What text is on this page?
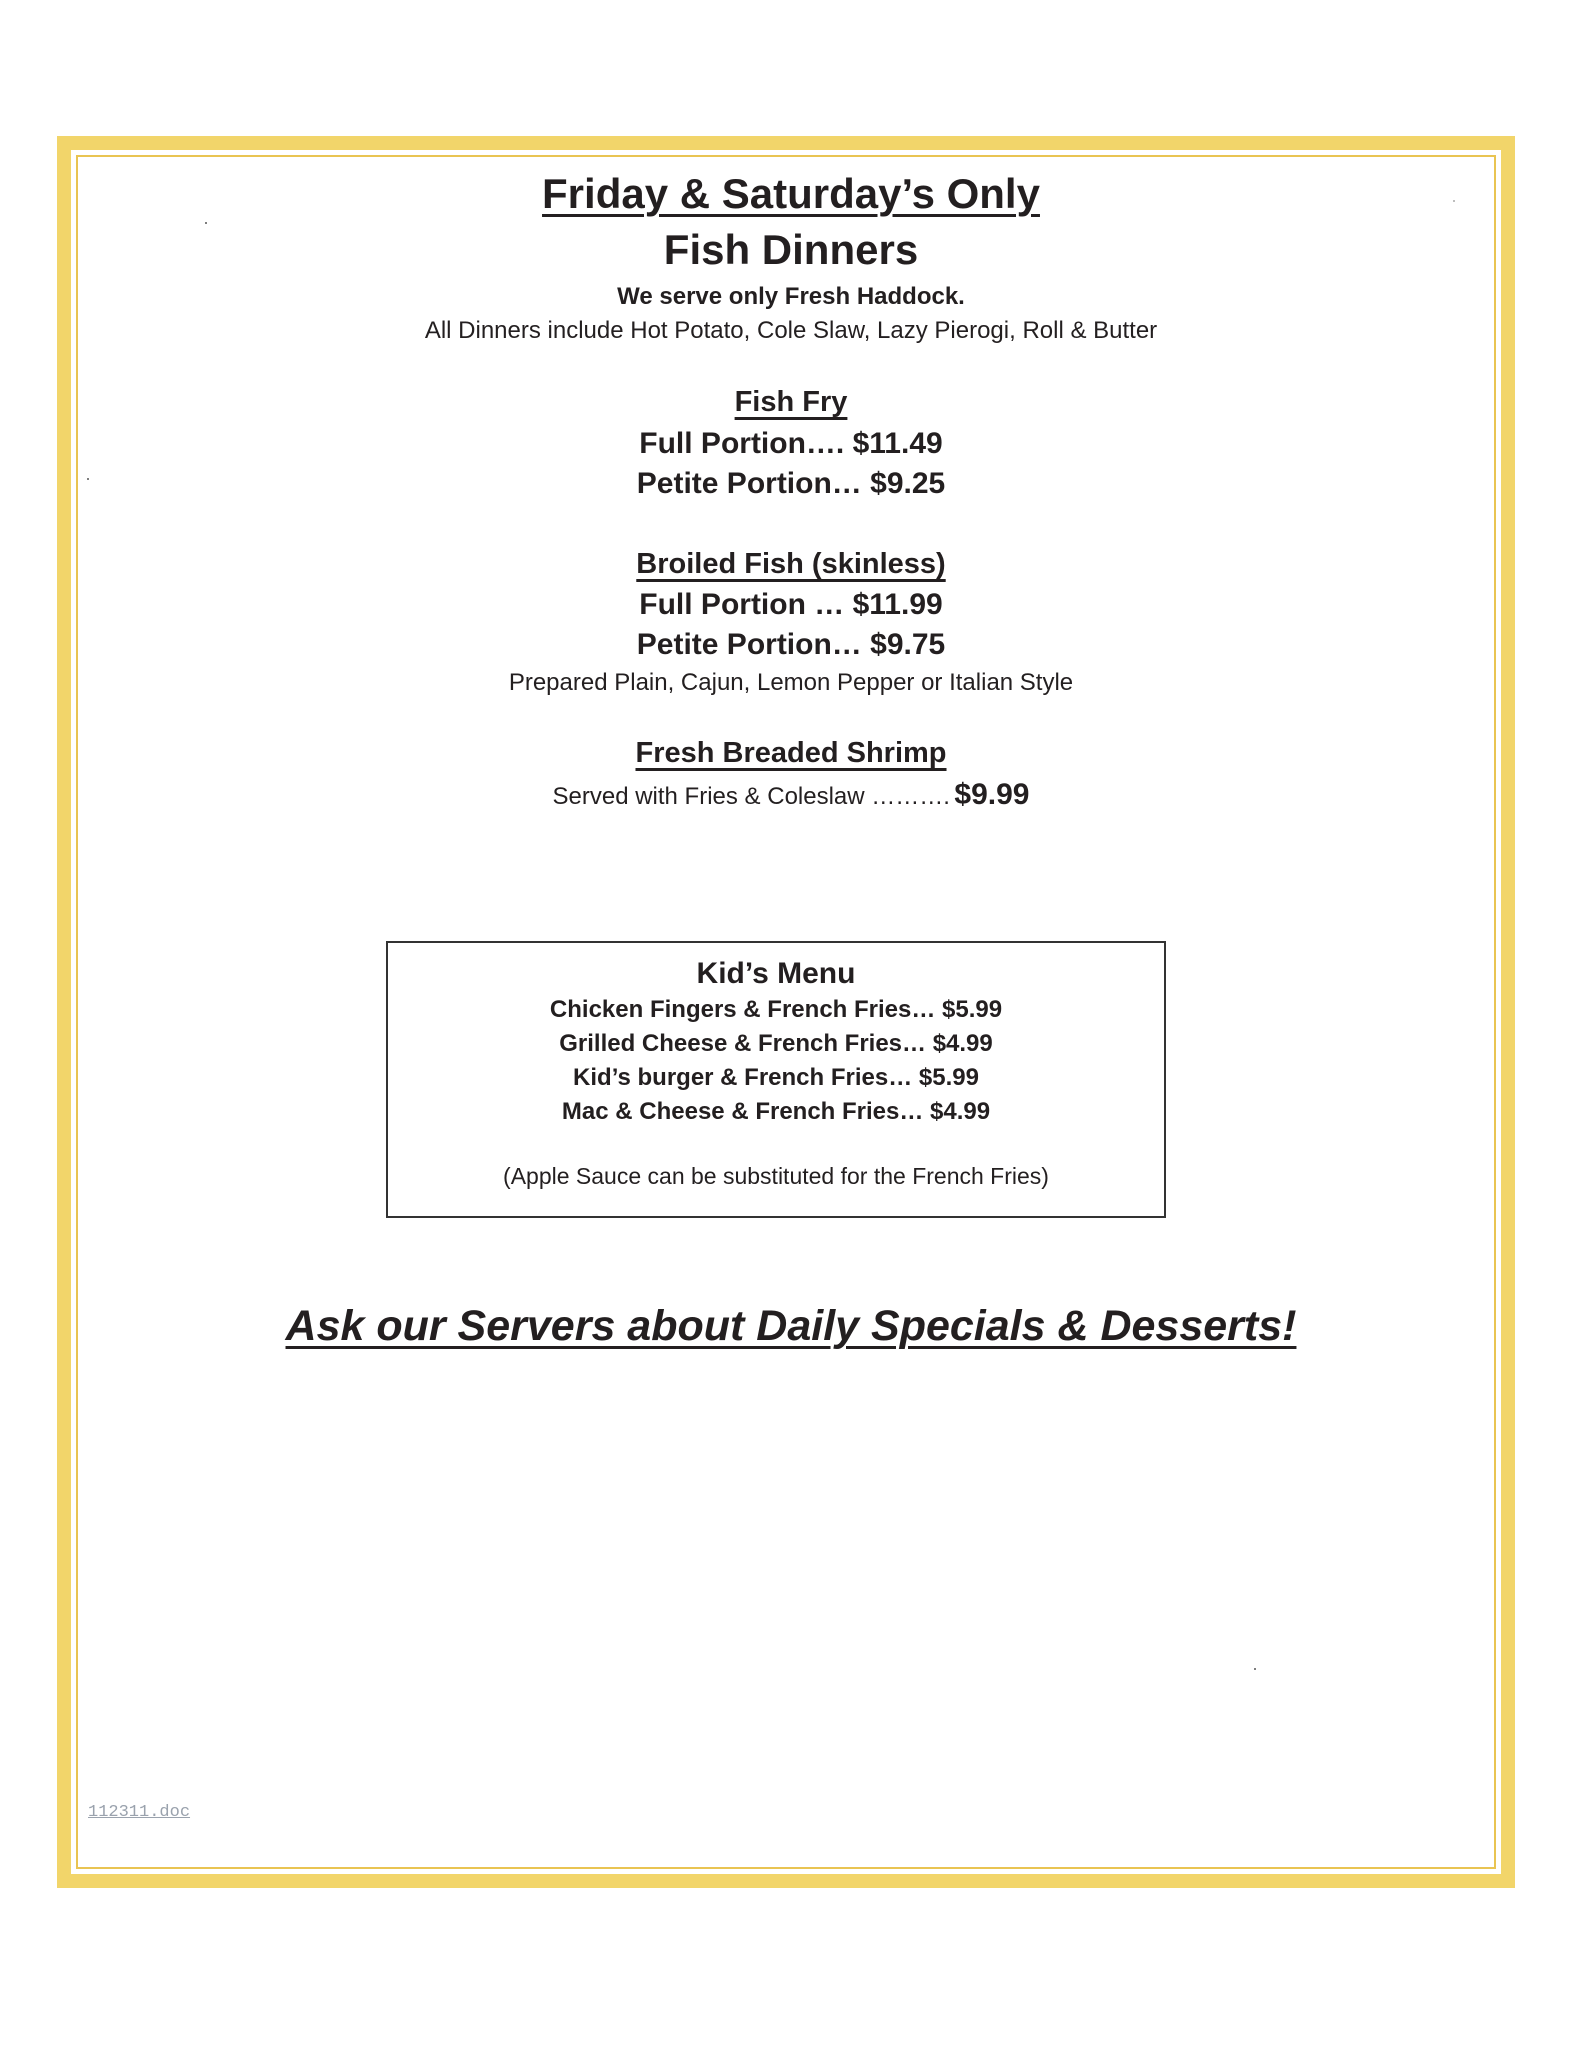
Friday & Saturday’s Only
Fish Dinners
We serve only Fresh Haddock.
All Dinners include Hot Potato, Cole Slaw, Lazy Pierogi, Roll & Butter
Fish Fry
Full Portion…. $11.49
Petite Portion… $9.25
Broiled Fish (skinless)
Full Portion … $11.99
Petite Portion… $9.75
Prepared Plain, Cajun, Lemon Pepper or Italian Style
Fresh Breaded Shrimp
Served with Fries & Coleslaw ………. $9.99
Kid’s Menu
Chicken Fingers & French Fries… $5.99
Grilled Cheese & French Fries… $4.99
Kid’s burger & French Fries… $5.99
Mac & Cheese & French Fries… $4.99
(Apple Sauce can be substituted for the French Fries)
Ask our Servers about Daily Specials & Desserts!
112311.doc
